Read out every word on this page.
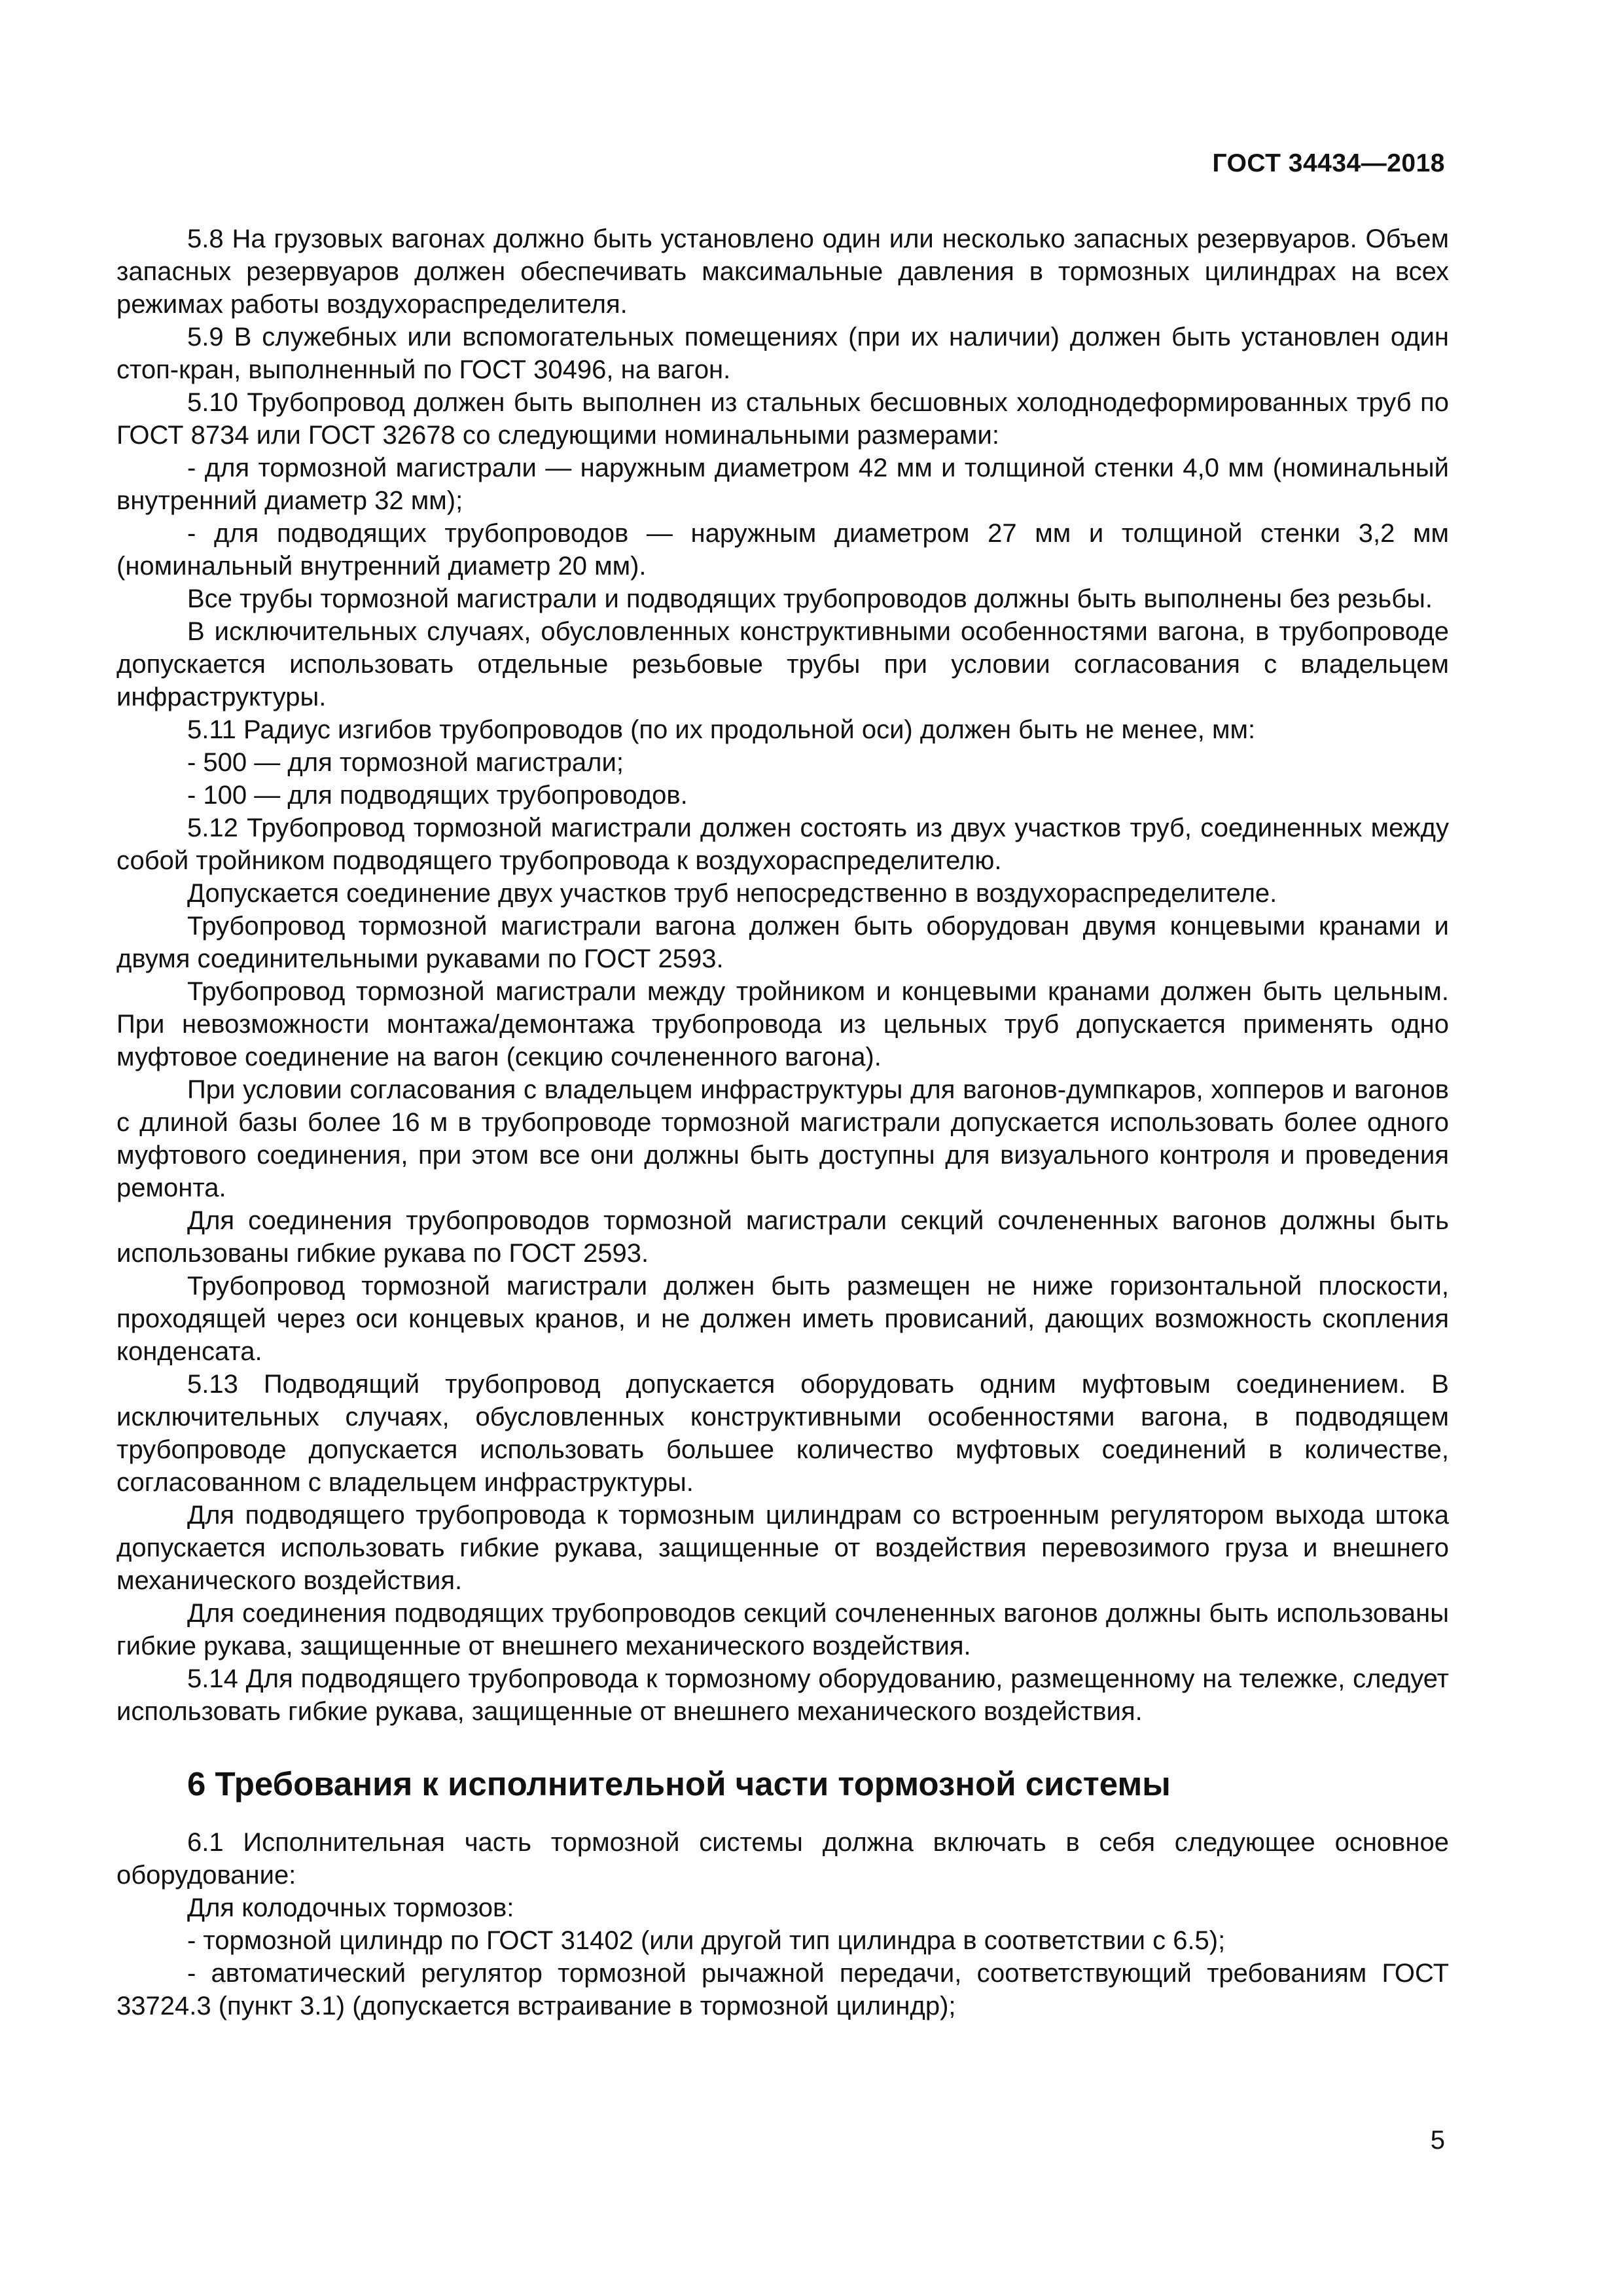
ГОСТ 34434—2018

5.8 На грузовых вагонах должно быть установлено один или несколько запасных резервуаров. Объем запасных резервуаров должен обеспечивать максимальные давления в тормозных цилиндрах на всех режимах работы воздухораспределителя.

5.9 В служебных или вспомогательных помещениях (при их наличии) должен быть установлен один стоп-кран, выполненный по ГОСТ 30496, на вагон.

5.10 Трубопровод должен быть выполнен из стальных бесшовных холоднодеформированных труб по ГОСТ 8734 или ГОСТ 32678 со следующими номинальными размерами:

- для тормозной магистрали — наружным диаметром 42 мм и толщиной стенки 4,0 мм (номинальный внутренний диаметр 32 мм);

- для подводящих трубопроводов — наружным диаметром 27 мм и толщиной стенки 3,2 мм (номинальный внутренний диаметр 20 мм).

Все трубы тормозной магистрали и подводящих трубопроводов должны быть выполнены без резьбы.

В исключительных случаях, обусловленных конструктивными особенностями вагона, в трубопроводе допускается использовать отдельные резьбовые трубы при условии согласования с владельцем инфраструктуры.

5.11 Радиус изгибов трубопроводов (по их продольной оси) должен быть не менее, мм:

- 500 — для тормозной магистрали;

- 100 — для подводящих трубопроводов.

5.12 Трубопровод тормозной магистрали должен состоять из двух участков труб, соединенных между собой тройником подводящего трубопровода к воздухораспределителю.

Допускается соединение двух участков труб непосредственно в воздухораспределителе.

Трубопровод тормозной магистрали вагона должен быть оборудован двумя концевыми кранами и двумя соединительными рукавами по ГОСТ 2593.

Трубопровод тормозной магистрали между тройником и концевыми кранами должен быть цельным. При невозможности монтажа/демонтажа трубопровода из цельных труб допускается применять одно муфтовое соединение на вагон (секцию сочлененного вагона).

При условии согласования с владельцем инфраструктуры для вагонов-думпкаров, хопперов и вагонов с длиной базы более 16 м в трубопроводе тормозной магистрали допускается использовать более одного муфтового соединения, при этом все они должны быть доступны для визуального контроля и проведения ремонта.

Для соединения трубопроводов тормозной магистрали секций сочлененных вагонов должны быть использованы гибкие рукава по ГОСТ 2593.

Трубопровод тормозной магистрали должен быть размещен не ниже горизонтальной плоскости, проходящей через оси концевых кранов, и не должен иметь провисаний, дающих возможность скопления конденсата.

5.13 Подводящий трубопровод допускается оборудовать одним муфтовым соединением. В исключительных случаях, обусловленных конструктивными особенностями вагона, в подводящем трубопроводе допускается использовать большее количество муфтовых соединений в количестве, согласованном с владельцем инфраструктуры.

Для подводящего трубопровода к тормозным цилиндрам со встроенным регулятором выхода штока допускается использовать гибкие рукава, защищенные от воздействия перевозимого груза и внешнего механического воздействия.

Для соединения подводящих трубопроводов секций сочлененных вагонов должны быть использованы гибкие рукава, защищенные от внешнего механического воздействия.

5.14 Для подводящего трубопровода к тормозному оборудованию, размещенному на тележке, следует использовать гибкие рукава, защищенные от внешнего механического воздействия.

6 Требования к исполнительной части тормозной системы

6.1 Исполнительная часть тормозной системы должна включать в себя следующее основное оборудование:

Для колодочных тормозов:

- тормозной цилиндр по ГОСТ 31402 (или другой тип цилиндра в соответствии с 6.5);

- автоматический регулятор тормозной рычажной передачи, соответствующий требованиям ГОСТ 33724.3 (пункт 3.1) (допускается встраивание в тормозной цилиндр);

5
